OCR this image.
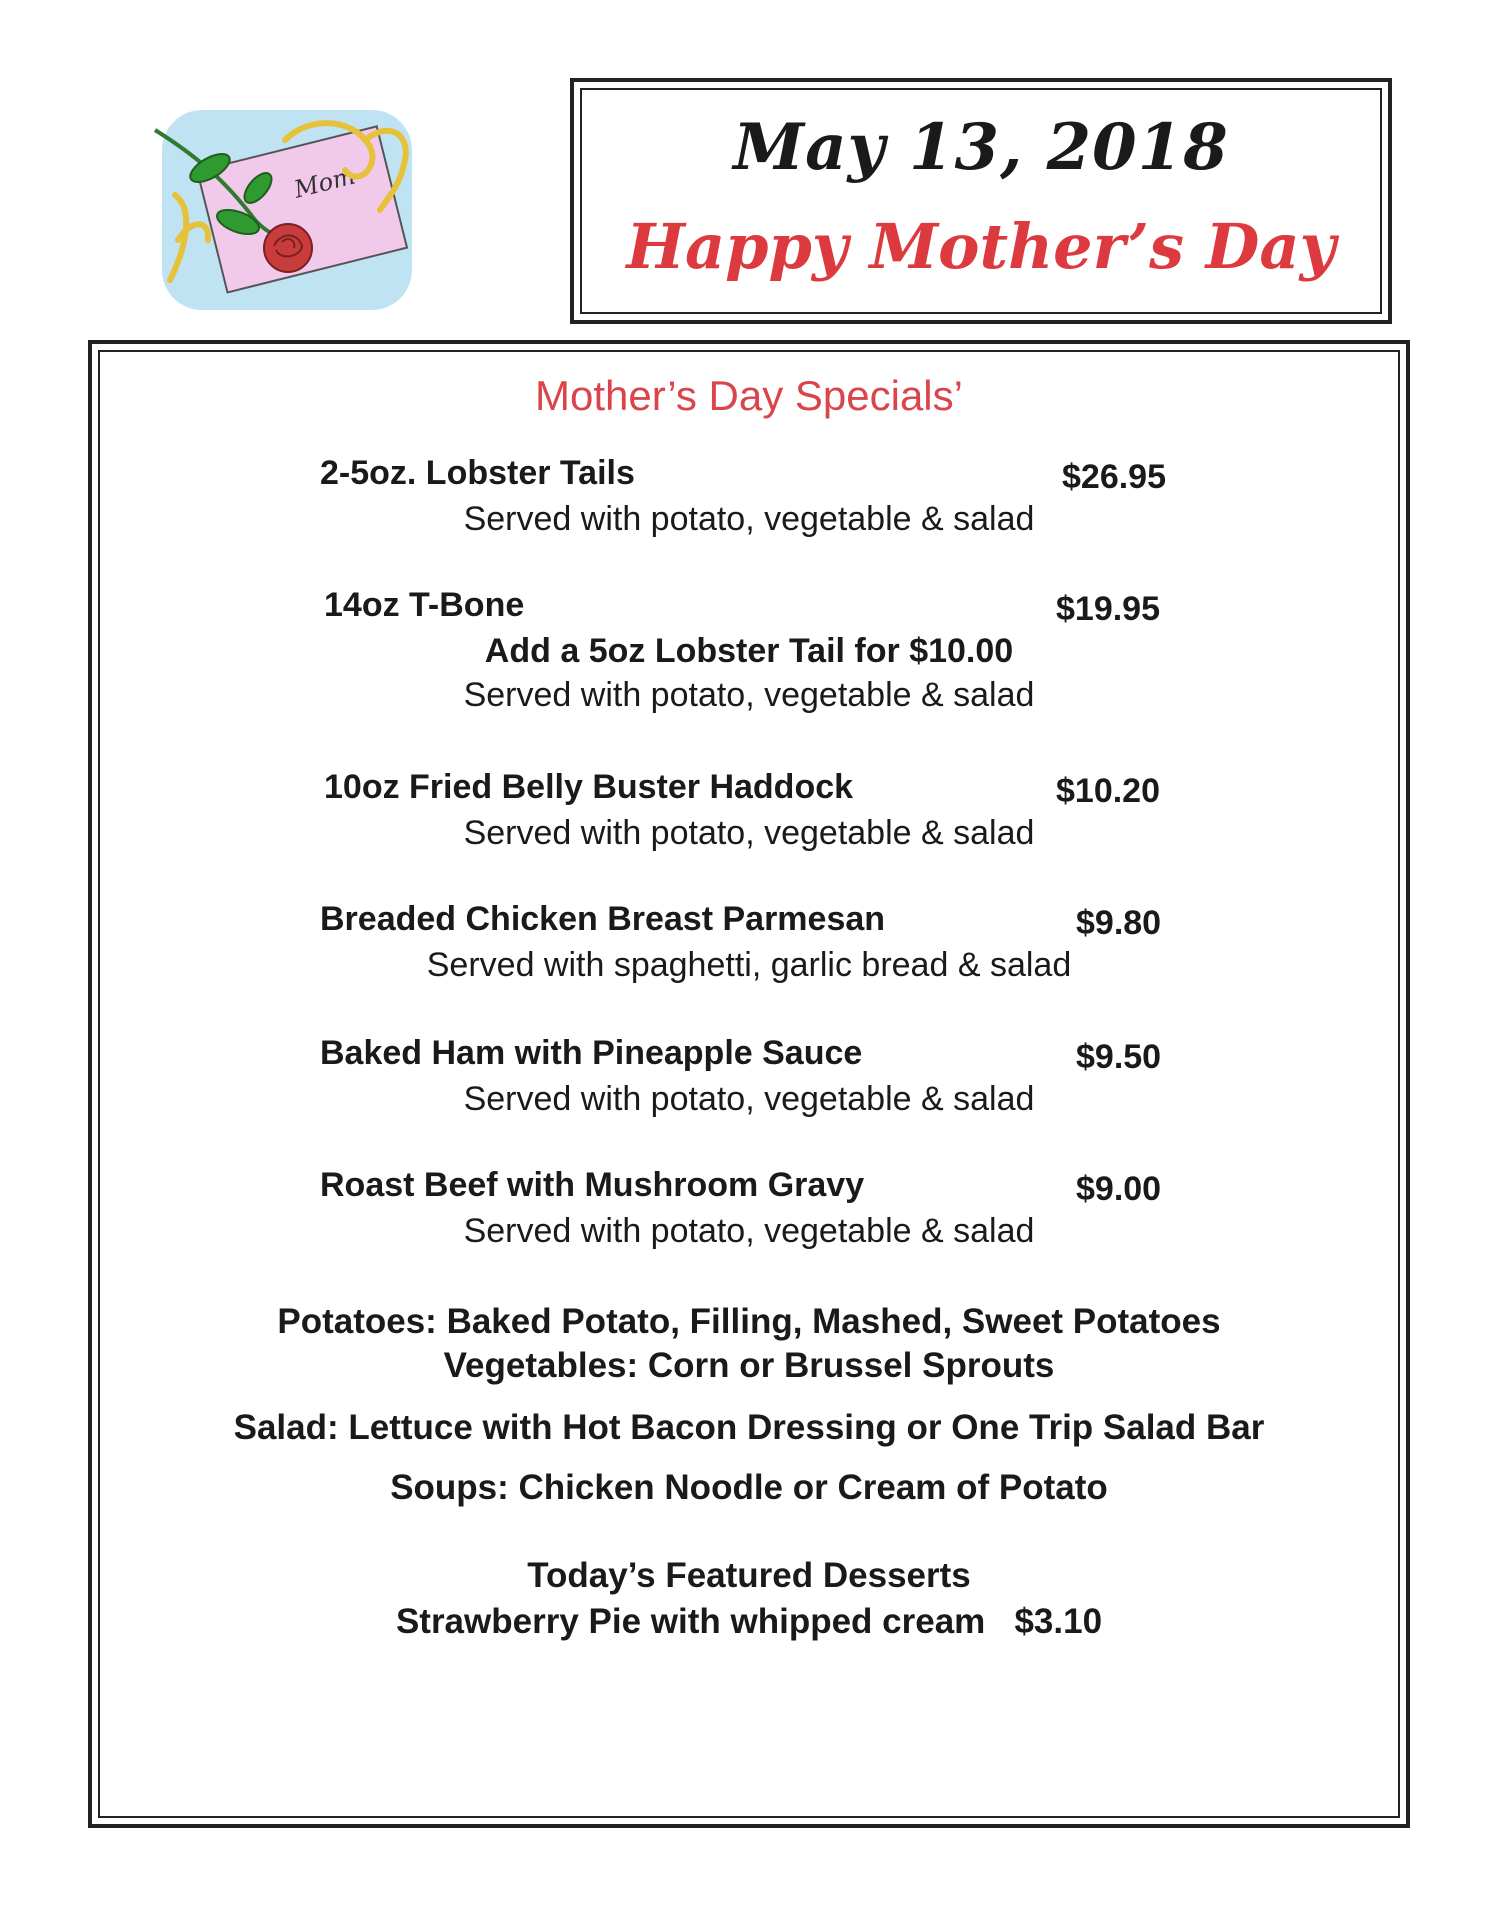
Mom	May 13, 2018
Happy Mother’s Day
Mother’s Day Specials’
2-5oz. Lobster Tails	$26.95
Served with potato, vegetable & salad
14oz T-Bone	$19.95
Add a 5oz Lobster Tail for $10.00
Served with potato, vegetable & salad
10oz Fried Belly Buster Haddock	$10.20
Served with potato, vegetable & salad
Breaded Chicken Breast Parmesan	$9.80
Served with spaghetti, garlic bread & salad
Baked Ham with Pineapple Sauce	$9.50
Served with potato, vegetable & salad
Roast Beef with Mushroom Gravy	$9.00
Served with potato, vegetable & salad
Potatoes: Baked Potato, Filling, Mashed, Sweet Potatoes
Vegetables: Corn or Brussel Sprouts
Salad: Lettuce with Hot Bacon Dressing or One Trip Salad Bar
Soups: Chicken Noodle or Cream of Potato
Today’s Featured Desserts
Strawberry Pie with whipped cream   $3.10
